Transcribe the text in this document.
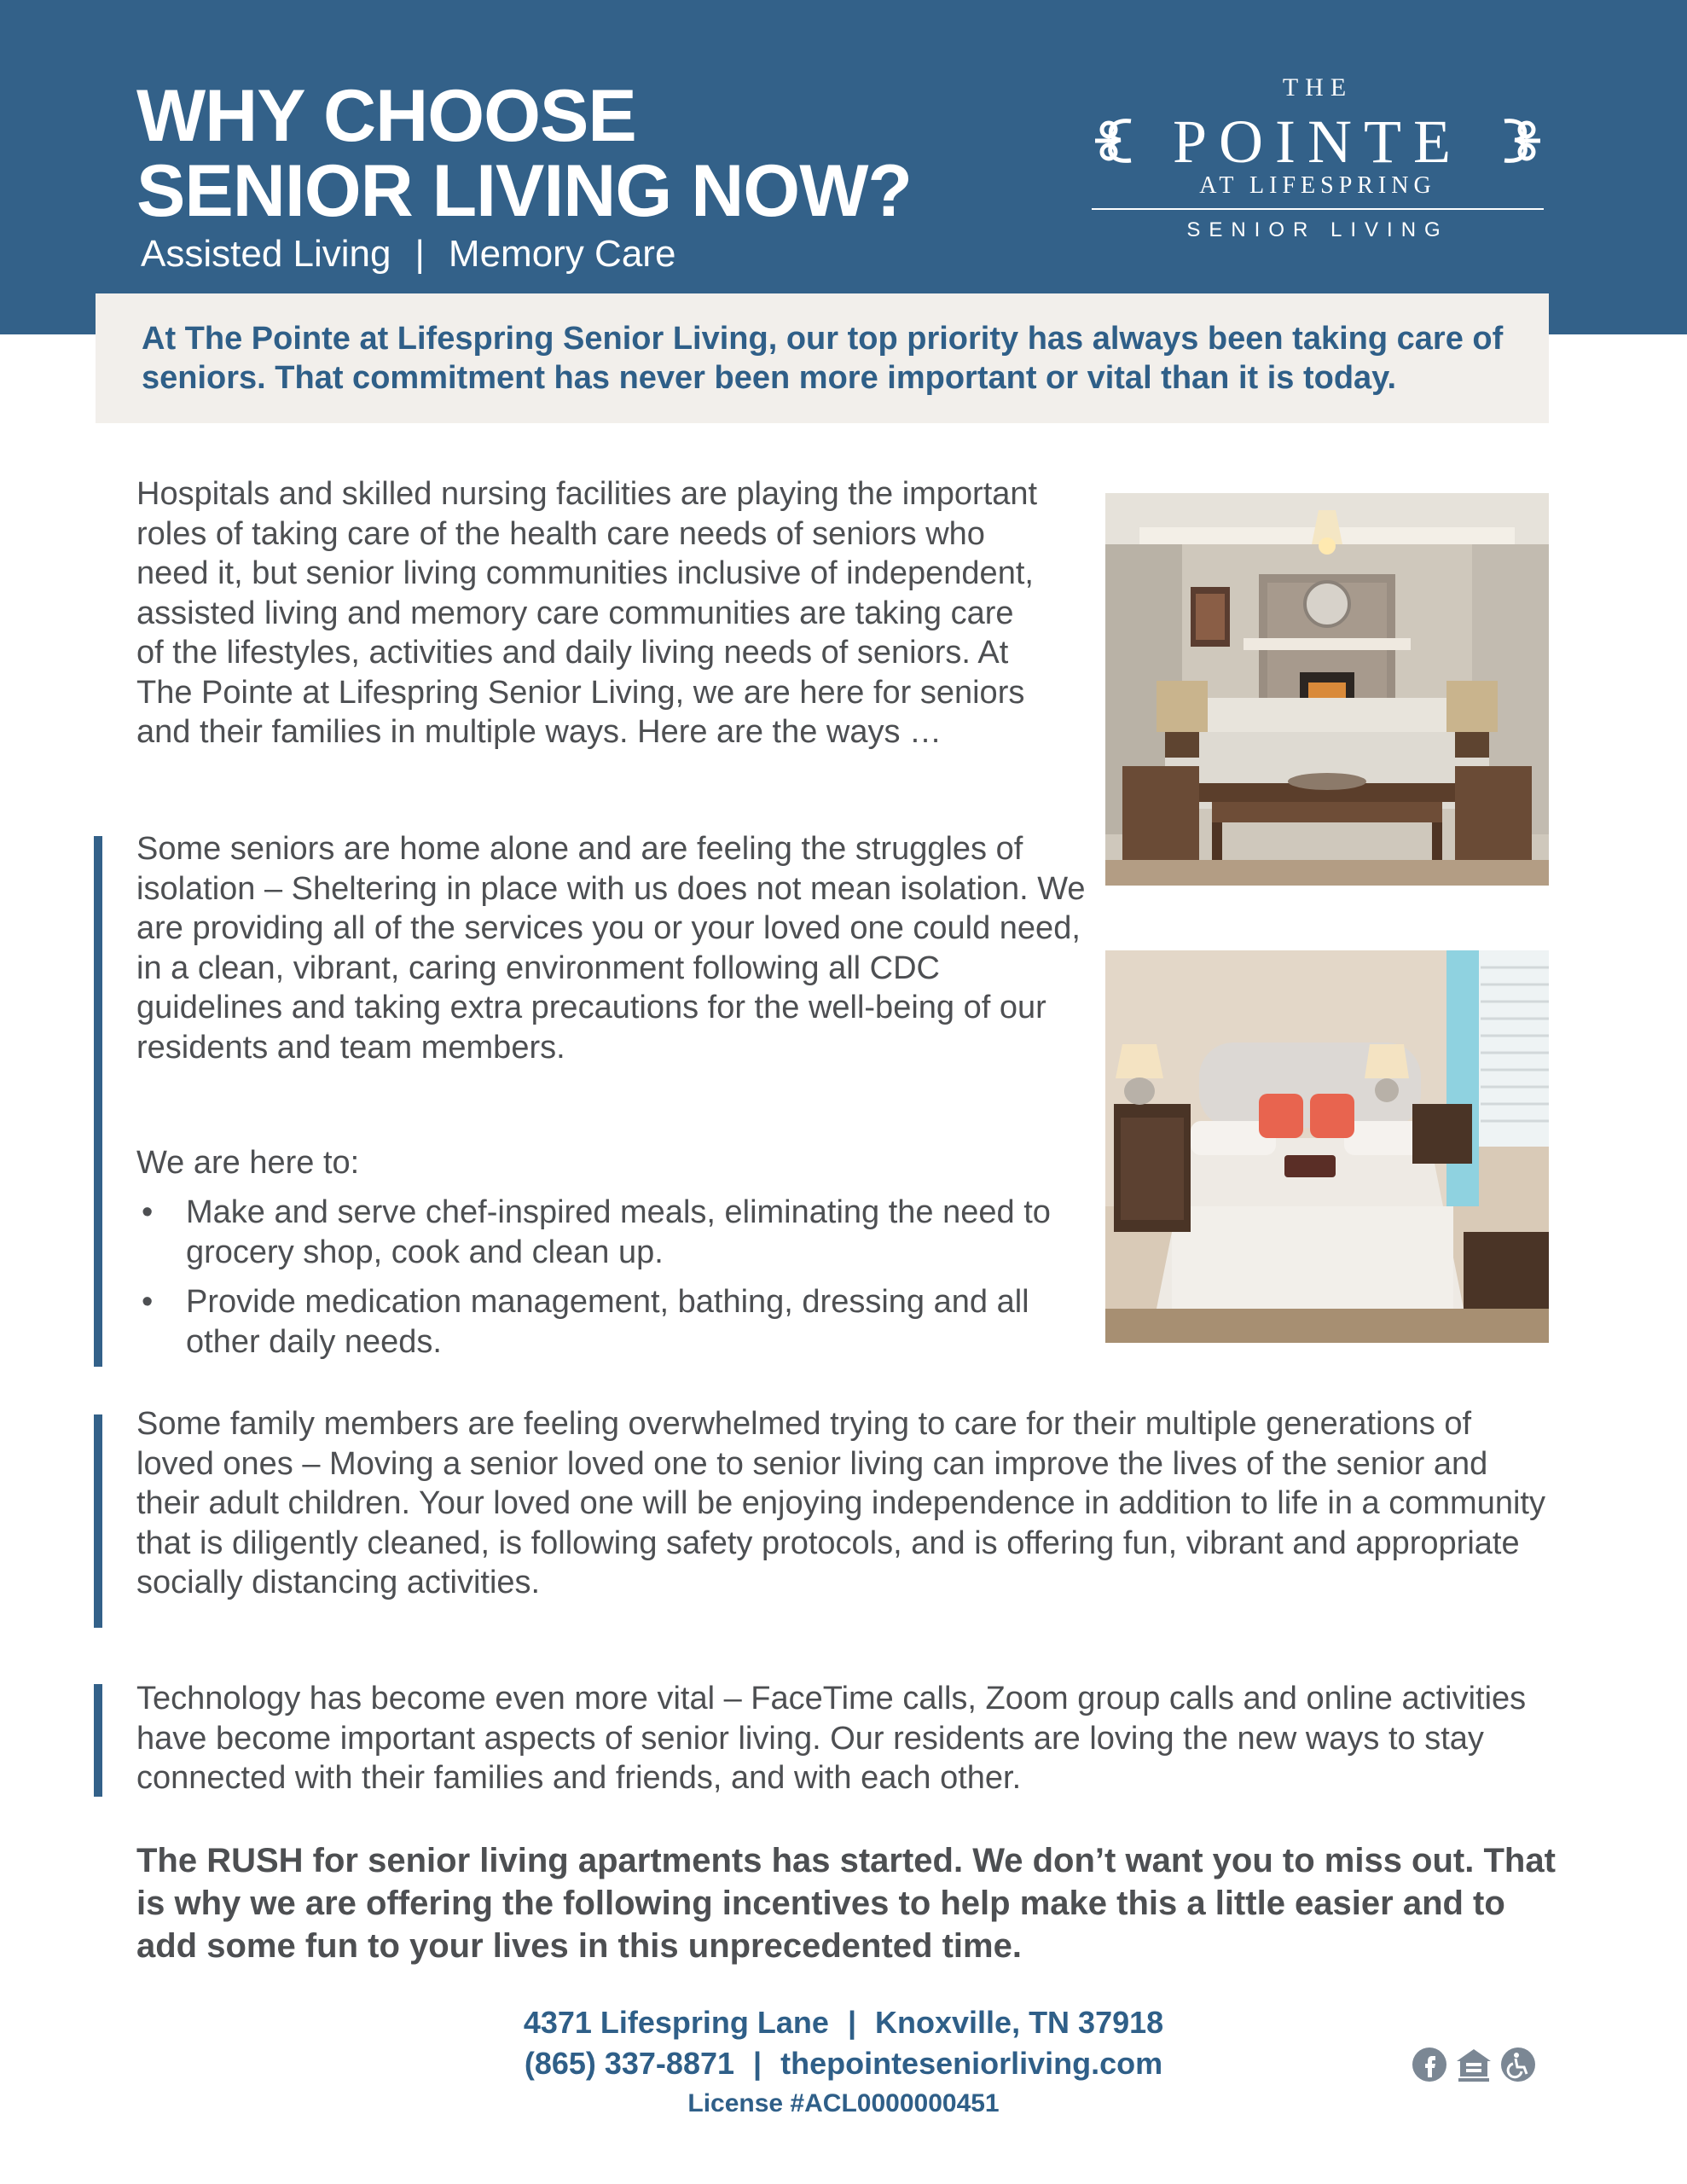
WHY CHOOSE
SENIOR LIVING NOW?
Assisted Living | Memory Care
THE
POINTE
AT LIFESPRING
SENIOR LIVING

At The Pointe at Lifespring Senior Living, our top priority has always been taking care of seniors. That commitment has never been more important or vital than it is today.

Hospitals and skilled nursing facilities are playing the important roles of taking care of the health care needs of seniors who need it, but senior living communities inclusive of independent, assisted living and memory care communities are taking care of the lifestyles, activities and daily living needs of seniors. At The Pointe at Lifespring Senior Living, we are here for seniors and their families in multiple ways. Here are the ways …

Some seniors are home alone and are feeling the struggles of isolation – Sheltering in place with us does not mean isolation. We are providing all of the services you or your loved one could need, in a clean, vibrant, caring environment following all CDC guidelines and taking extra precautions for the well-being of our residents and team members.

We are here to:

• Make and serve chef-inspired meals, eliminating the need to grocery shop, cook and clean up.
• Provide medication management, bathing, dressing and all other daily needs.

Some family members are feeling overwhelmed trying to care for their multiple generations of loved ones – Moving a senior loved one to senior living can improve the lives of the senior and their adult children. Your loved one will be enjoying independence in addition to life in a community that is diligently cleaned, is following safety protocols, and is offering fun, vibrant and appropriate socially distancing activities.

Technology has become even more vital – FaceTime calls, Zoom group calls and online activities have become important aspects of senior living. Our residents are loving the new ways to stay connected with their families and friends, and with each other.

The RUSH for senior living apartments has started. We don’t want you to miss out. That is why we are offering the following incentives to help make this a little easier and to add some fun to your lives in this unprecedented time.

4371 Lifespring Lane | Knoxville, TN 37918
(865) 337-8871 | thepointeseniorliving.com
License #ACL0000000451
